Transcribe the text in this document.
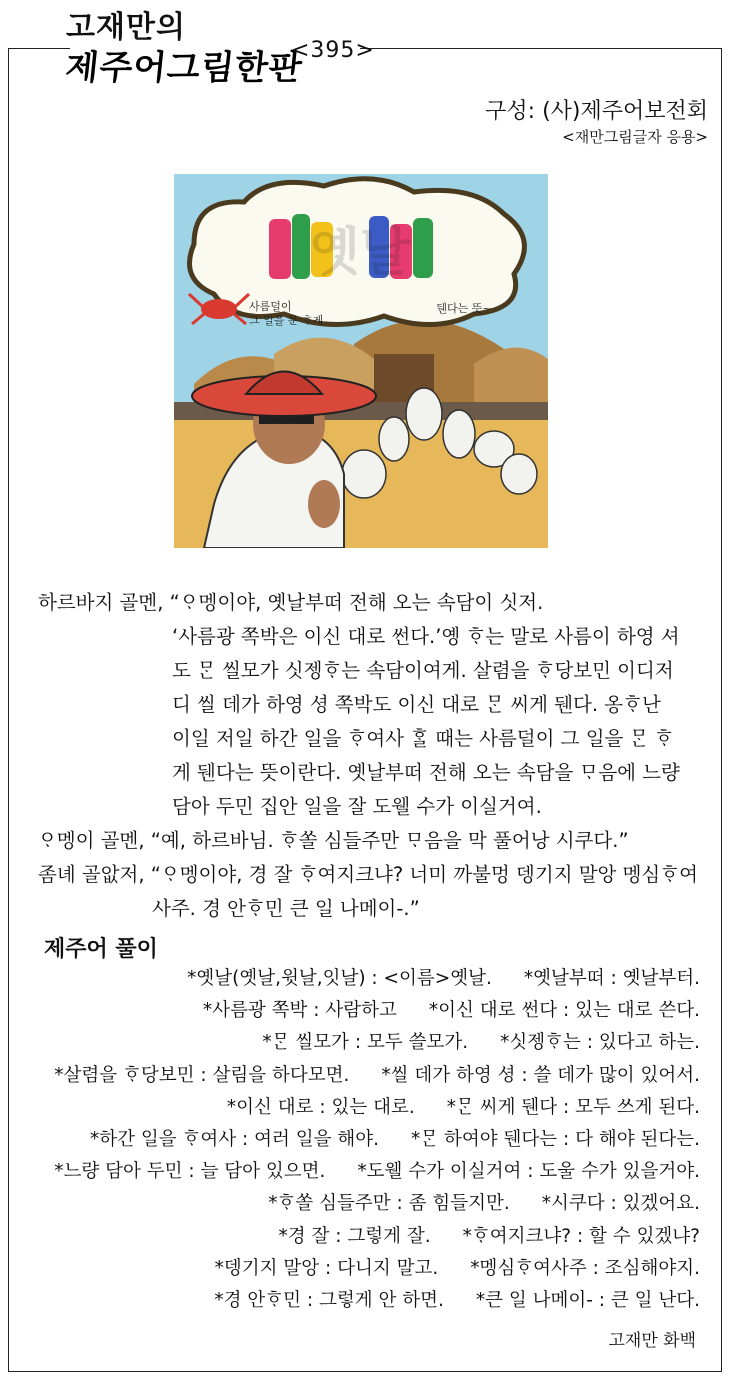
고재만의
제주어그림한판
<395>
구성: (사)제주어보전회
<재만그림글자 응용>
옛날
사름덜이
그 일을 문 ᄒᆞ게
뒌다는 뜻~
하르바지 골멘, “ᄋᆞ멩이야, 옛날부떠 전해 오는 속담이 싯저.
‘사름광 쪽박은 이신 대로 썬다.’옝 ᄒᆞ는 말로 사름이 하영 셔
도 ᄆᆞᆫ 씰모가 싯젱ᄒᆞ는 속담이여게. 살렴을 ᄒᆞ당보민 이디저
디 씰 데가 하영 셩 쪽박도 이신 대로 ᄆᆞᆫ 씨게 뒌다. 옹ᄒᆞ난
이일 저일 하간 일을 ᄒᆞ여사 ᄒᆞᆯ 때는 사름덜이 그 일을 ᄆᆞᆫ ᄒᆞ
게 뒌다는 뜻이란다. 옛날부떠 전해 오는 속담을 ᄆᆞ음에 느량
담아 두민 집안 일을 잘 도웰 수가 이실거여.
ᄋᆞ멩이 골멘, “예, 하르바님. ᄒᆞ쏠 심들주만 ᄆᆞ음을 막 풀어낭 시쿠다.”
좀녜 골앖저, “ᄋᆞ멩이야, 경 잘 ᄒᆞ여지크냐? 너미 까불멍 뎅기지 말앙 멩심ᄒᆞ여
사주. 경 안ᄒᆞ민 큰 일 나메이-.”
제주어 풀이
*옛날(옛날,윗날,잇날) : <이름>옛날. *옛날부떠 : 옛날부터.
*사름광 쪽박 : 사람하고 *이신 대로 썬다 : 있는 대로 쓴다.
*ᄆᆞᆫ 씰모가 : 모두 쓸모가. *싯젱ᄒᆞ는 : 있다고 하는.
*살렴을 ᄒᆞ당보민 : 살림을 하다모면. *씰 데가 하영 셩 : 쓸 데가 많이 있어서.
*이신 대로 : 있는 대로. *ᄆᆞᆫ 씨게 뒌다 : 모두 쓰게 된다.
*하간 일을 ᄒᆞ여사 : 여러 일을 해야. *ᄆᆞᆫ 하여야 뒌다는 : 다 해야 된다는.
*느량 담아 두민 : 늘 담아 있으면. *도웰 수가 이실거여 : 도울 수가 있을거야.
*ᄒᆞ쏠 심들주만 : 좀 힘들지만. *시쿠다 : 있겠어요.
*경 잘 : 그렇게 잘. *ᄒᆞ여지크냐? : 할 수 있겠냐?
*뎅기지 말앙 : 다니지 말고. *멩심ᄒᆞ여사주 : 조심해야지.
*경 안ᄒᆞ민 : 그렇게 안 하면. *큰 일 나메이- : 큰 일 난다.
고재만 화백
